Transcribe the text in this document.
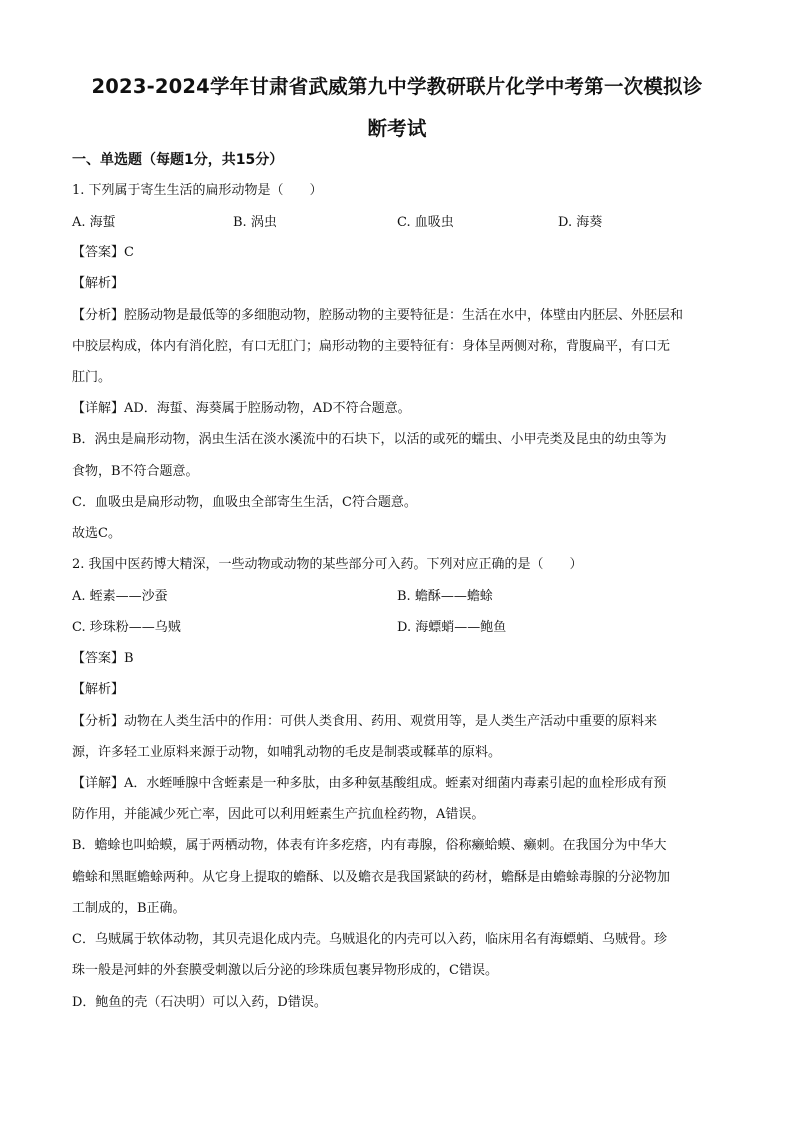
2023-2024学年甘肃省武威第九中学教研联片化学中考第一次模拟诊
断考试
一、单选题（每题1分，共15分）
1. 下列属于寄生生活的扁形动物是（　　）
A. 海蜇	B. 涡虫	C. 血吸虫	D. 海葵
【答案】C
【解析】
【分析】腔肠动物是最低等的多细胞动物，腔肠动物的主要特征是：生活在水中，体壁由内胚层、外胚层和
中胶层构成，体内有消化腔，有口无肛门；扁形动物的主要特征有：身体呈两侧对称，背腹扁平，有口无
肛门。
【详解】AD．海蜇、海葵属于腔肠动物，AD不符合题意。
B．涡虫是扁形动物，涡虫生活在淡水溪流中的石块下，以活的或死的蠕虫、小甲壳类及昆虫的幼虫等为
食物，B不符合题意。
C．血吸虫是扁形动物，血吸虫全部寄生生活，C符合题意。
故选C。
2. 我国中医药博大精深，一些动物或动物的某些部分可入药。下列对应正确的是（　　）
A. 蛭素——沙蚕	B. 蟾酥——蟾蜍
C. 珍珠粉——乌贼	D. 海螵蛸——鲍鱼
【答案】B
【解析】
【分析】动物在人类生活中的作用：可供人类食用、药用、观赏用等，是人类生产活动中重要的原料来
源，许多轻工业原料来源于动物，如哺乳动物的毛皮是制裘或鞣革的原料。
【详解】A．水蛭唾腺中含蛭素是一种多肽，由多种氨基酸组成。蛭素对细菌内毒素引起的血栓形成有预
防作用，并能减少死亡率，因此可以利用蛭素生产抗血栓药物，A错误。
B．蟾蜍也叫蛤蟆，属于两栖动物，体表有许多疙瘩，内有毒腺，俗称癞蛤蟆、癞刺。在我国分为中华大
蟾蜍和黑眶蟾蜍两种。从它身上提取的蟾酥、以及蟾衣是我国紧缺的药材，蟾酥是由蟾蜍毒腺的分泌物加
工制成的，B正确。
C．乌贼属于软体动物，其贝壳退化成内壳。乌贼退化的内壳可以入药，临床用名有海螵蛸、乌贼骨。珍
珠一般是河蚌的外套膜受刺激以后分泌的珍珠质包裹异物形成的，C错误。
D．鲍鱼的壳（石决明）可以入药，D错误。
